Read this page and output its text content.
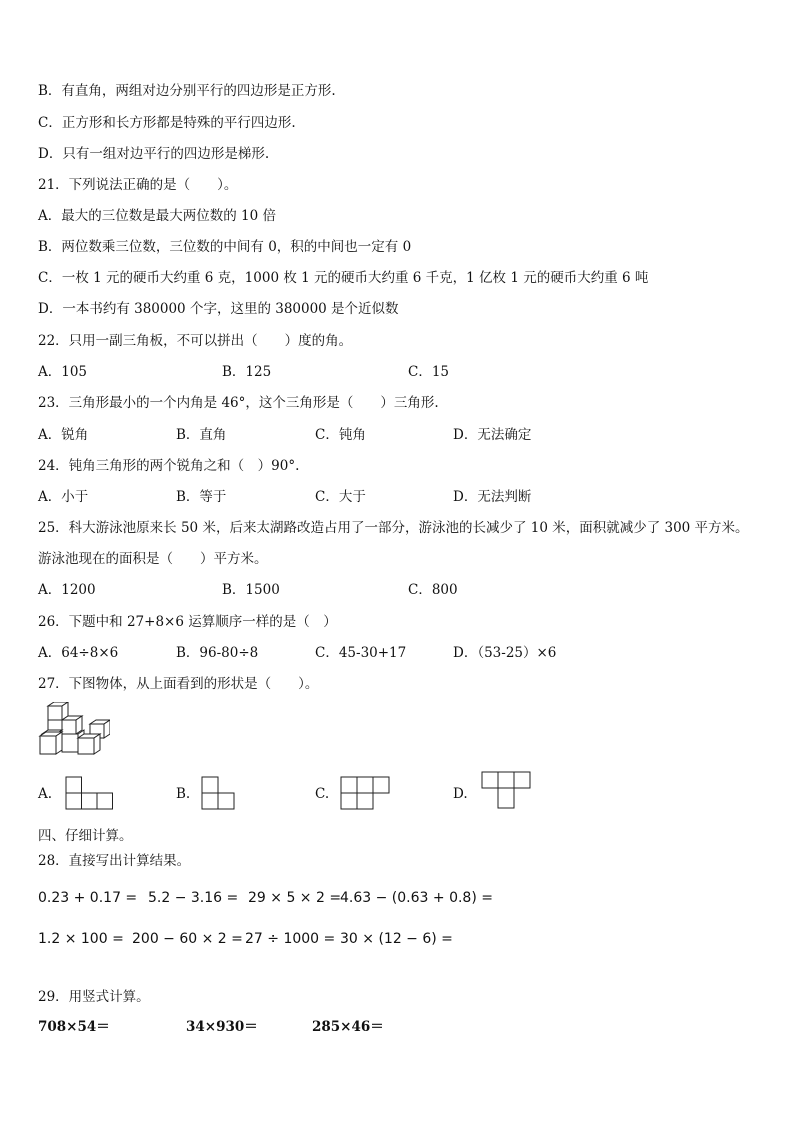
B．有直角，两组对边分别平行的四边形是正方形.
C．正方形和长方形都是特殊的平行四边形.
D．只有一组对边平行的四边形是梯形.
21．下列说法正确的是（　　）。
A．最大的三位数是最大两位数的 10 倍
B．两位数乘三位数，三位数的中间有 0，积的中间也一定有 0
C．一枚 1 元的硬币大约重 6 克，1000 枚 1 元的硬币大约重 6 千克，1 亿枚 1 元的硬币大约重 6 吨
D．一本书约有 380000 个字，这里的 380000 是个近似数
22．只用一副三角板，不可以拼出（　　）度的角。
A．105	B．125	C．15
23．三角形最小的一个内角是 46°，这个三角形是（　　）三角形.
A．锐角	B．直角	C．钝角	D．无法确定
24．钝角三角形的两个锐角之和（　）90°.
A．小于	B．等于	C．大于	D．无法判断
25．科大游泳池原来长 50 米，后来太湖路改造占用了一部分，游泳池的长减少了 10 米，面积就减少了 300 平方米。
游泳池现在的面积是（　　）平方米。
A．1200	B．1500	C．800
26．下题中和 27+8×6 运算顺序一样的是（　）
A．64÷8×6	B．96-80÷8	C．45-30+17	D．（53-25）×6
27．下图物体，从上面看到的形状是（　　）。
A.	B.	C.	D.
四、仔细计算。
28．直接写出计算结果。
0.23 + 0.17 = 5.2 − 3.16 = 29 × 5 × 2 =
4.63 − (0.63 + 0.8) =
1.2 × 100 = 200 − 60 × 2 = 27 ÷ 1000 = 30 × (12 − 6) =
29．用竖式计算。
708×54＝	34×930＝	285×46＝
